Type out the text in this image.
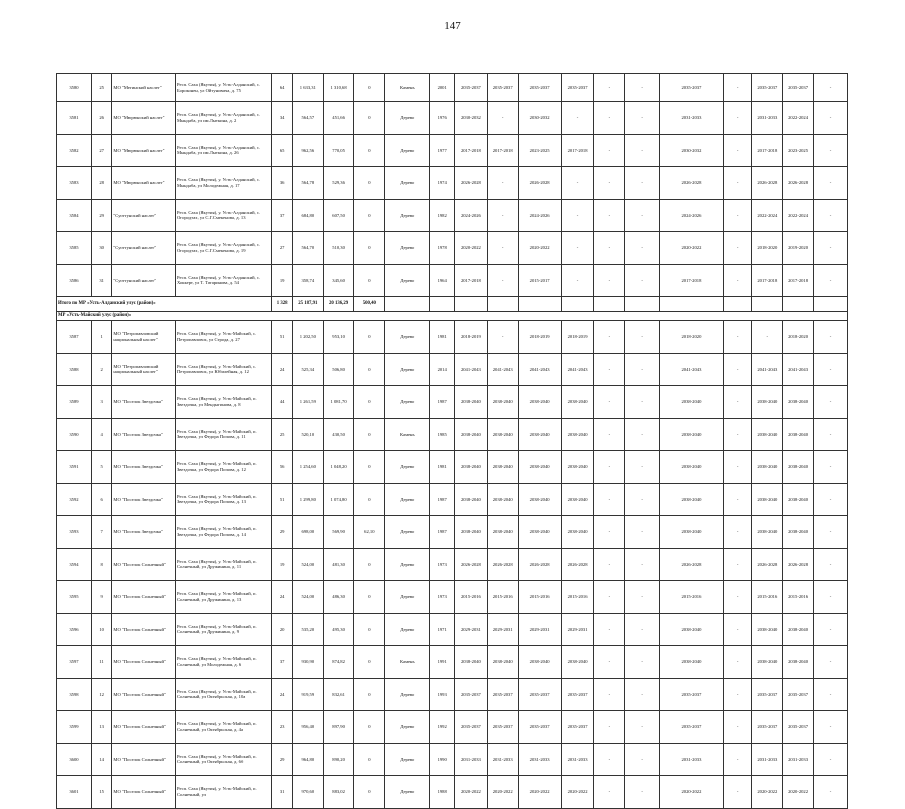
147
3580	25	МО "Мегинский наслег"	Респ. Саха (Якутия), у. Усть-Алданский, с. Бороконен, ул Ойтуновича, д. 75	64	1 633,31	1 310,68	0	Камень	2001	2035-2037	2035-2037	2035-2037	2035-2037	-	-	2035-2037	-	2035-2037	2035-2037	-
3581	26	МО "Мюрюнский наслег"	Респ. Саха (Якутия), у. Усть-Алданский, с. Мындаба, ул им.Лыткина, д. 2	34	564,57	451,66	0	Дерево	1976	2030-2032	-	2030-2032	-	-	-	2031-2033	-	2031-2033	2022-2024	-
3582	27	МО "Мюрюнский наслег"	Респ. Саха (Якутия), у. Усть-Алданский, с. Мындаба, ул им.Лыткина, д. 26	65	962,56	770,05	0	Дерево	1977	2017-2018	2017-2018	2023-2025	2017-2018	-	-	2030-2032	-	2017-2018	2023-2025	-
3583	28	МО "Мюрюнский наслег"	Респ. Саха (Якутия), у. Усть-Алданский, с. Мындаба, ул Молодежная, д. 17	36	564,78	529,36	0	Дерево	1974	2026-2028	-	2026-2028	-	-	-	2026-2028	-	2026-2028	2026-2028	-
3584	29	"Суоттунский наслег"	Респ. Саха (Якутия), у. Усть-Алданский, с. Огородтах, ул С.Г.Смекенова, д. 13	37	684,80	607,50	0	Дерево	1982	2024-2026	-	2024-2026	-	-	-	2024-2026	-	2022-2024	2022-2024	-
3585	30	"Суоттунский наслег"	Респ. Саха (Якутия), у. Усть-Алданский, с. Огородтах, ул С.Г.Смекенова, д. 19	27	564,70	510,30	0	Дерево	1978	2020-2022	-	2020-2022	-	-	-	2020-2022	-	2018-2020	2019-2020	-
3586	31	"Суоттунский наслег"	Респ. Саха (Якутия), у. Усть-Алданский, с. Хоккерт, ул Т. Татаринова, д. 54	19	358,74	345,60	0	Дерево	1964	2017-2018	-	2015-2017	-	-	-	2017-2018	-	2017-2018	2017-2018	-
Итого по МР «Усть-Алданский улус (район)»				1 328	25 187,91	20 136,29	500,40													
МР «Усть-Майский улус (район)»																				
3587	1	МО "Петропавловский национальный наслег"	Респ. Саха (Якутия), у. Усть-Майский, с. Петропавловск, ул Строда, д. 27	51	1 202,50	953,10	0	Дерево	1981	2018-2019	-	2018-2019	2018-2019	-	-	2018-2020	-	-	2018-2020	-
3588	2	МО "Петропавловский национальный наслег"	Респ. Саха (Якутия), у. Усть-Майский, с. Петропавловск, ул Юбилейная, д. 12	24	525,34	506,80	0	Дерево	2014	2041-2043	2041-2043	2041-2043	2041-2043	-	-	2041-2043	-	2041-2043	2041-2043	-
3589	3	МО "Поселок Звездочка"	Респ. Саха (Якутия), у. Усть-Майский, п. Звездочка, ул Мендыгинова, д. 8	44	1 261,59	1 081,70	0	Дерево	1987	2038-2040	2038-2040	2038-2040	2038-2040	-	-	2038-2040	-	2038-2040	2038-2040	-
3590	4	МО "Поселок Звездочка"	Респ. Саха (Якутия), у. Усть-Майский, п. Звездочка, ул Федора Попова, д. 11	25	520,10	430,50	0	Камень	1985	2038-2040	2038-2040	2038-2040	2038-2040	-	-	2038-2040	-	2038-2040	2038-2040	-
3591	5	МО "Поселок Звездочка"	Респ. Саха (Якутия), у. Усть-Майский, п. Звездочка, ул Федора Попова, д. 12	56	1 254,60	1 048,20	0	Дерево	1981	2038-2040	2038-2040	2038-2040	2038-2040	-	-	2038-2040	-	2038-2040	2038-2040	-
3592	6	МО "Поселок Звездочка"	Респ. Саха (Якутия), у. Усть-Майский, п. Звездочка, ул Федора Попова, д. 13	51	1 299,80	1 074,80	0	Дерево	1987	2038-2040	2038-2040	2038-2040	2038-2040	-	-	2038-2040	-	2038-2040	2038-2040	-
3593	7	МО "Поселок Звездочка"	Респ. Саха (Якутия), у. Усть-Майский, п. Звездочка, ул Федора Попова, д. 14	29	698,00	569,90	62,10	Дерево	1987	2038-2040	2038-2040	2038-2040	2038-2040	-	-	2038-2040	-	2038-2040	2038-2040	-
3594	8	МО "Поселок Солнечный"	Респ. Саха (Якутия), у. Усть-Майский, п. Солнечный, ул Дружинина, д. 11	19	524,00	481,30	0	Дерево	1973	2026-2028	2026-2028	2026-2028	2026-2028	-	-	2026-2028	-	2026-2028	2026-2028	-
3595	9	МО "Поселок Солнечный"	Респ. Саха (Якутия), у. Усть-Майский, п. Солнечный, ул Дружинина, д. 13	24	524,00	486,30	0	Дерево	1973	2015-2016	2015-2016	2015-2016	2015-2016	-	-	2015-2016	-	2015-2016	2015-2016	-
3596	10	МО "Поселок Солнечный"	Респ. Саха (Якутия), у. Усть-Майский, п. Солнечный, ул Дружинина, д. 9	20	535,20	495,30	0	Дерево	1971	2029-2031	2029-2031	2029-2031	2029-2031	-	-	2038-2040	-	2038-2040	2038-2040	-
3597	11	МО "Поселок Солнечный"	Респ. Саха (Якутия), у. Усть-Майский, п. Солнечный, ул Молодежная, д. 6	37	930,90	874,82	0	Камень	1991	2038-2040	2038-2040	2038-2040	2038-2040	-	-	2038-2040	-	2038-2040	2038-2040	-
3598	12	МО "Поселок Солнечный"	Респ. Саха (Якутия), у. Усть-Майский, п. Солнечный, ул Октябрьская, д. 10а	24	919,59	832,61	0	Дерево	1993	2035-2037	2035-2037	2035-2037	2035-2037	-	-	2035-2037	-	2035-2037	2035-2037	-
3599	13	МО "Поселок Солнечный"	Респ. Саха (Якутия), у. Усть-Майский, п. Солнечный, ул Октябрьская, д. 4а	23	956,40	897,90	0	Дерево	1992	2035-2037	2035-2037	2035-2037	2035-2037	-	-	2035-2037	-	2035-2037	2035-2037	-
3600	14	МО "Поселок Солнечный"	Респ. Саха (Якутия), у. Усть-Майский, п. Солнечный, ул Октябрьская, д. 6б	29	964,80	890,20	0	Дерево	1990	2031-2033	2031-2033	2031-2033	2031-2033	-	-	2031-2033	-	2031-2033	2031-2033	-
3601	15	МО "Поселок Солнечный"	Респ. Саха (Якутия), у. Усть-Майский, п. Солнечный, ул	31	970,60	883,02	0	Дерево	1988	2020-2022	2020-2022	2020-2022	2020-2022	-	-	2020-2022	-	2020-2022	2020-2022	-
